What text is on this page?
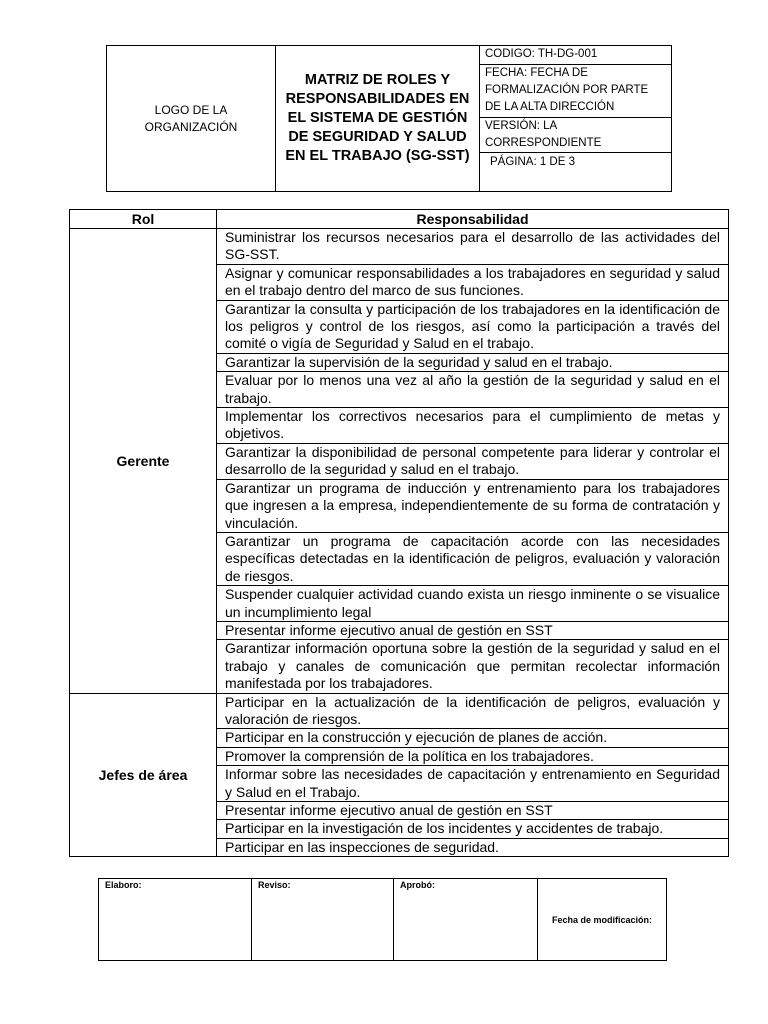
LOGO DE LA ORGANIZACIÓN	MATRIZ DE ROLES Y RESPONSABILIDADES EN EL SISTEMA DE GESTIÓN DE SEGURIDAD Y SALUD EN EL TRABAJO (SG-SST)	CODIGO: TH-DG-001
FECHA: FECHA DE FORMALIZACIÓN POR PARTE DE LA ALTA DIRECCIÓN
VERSIÓN: LA CORRESPONDIENTE
PÁGINA: 1 DE 3
Rol	Responsabilidad
Gerente	Suministrar los recursos necesarios para el desarrollo de las actividades del SG-SST.
	Asignar y comunicar responsabilidades a los trabajadores en seguridad y salud en el trabajo dentro del marco de sus funciones.
	Garantizar la consulta y participación de los trabajadores en la identificación de los peligros y control de los riesgos, así como la participación a través del comité o vigía de Seguridad y Salud en el trabajo.
	Garantizar la supervisión de la seguridad y salud en el trabajo.
	Evaluar por lo menos una vez al año la gestión de la seguridad y salud en el trabajo.
	Implementar los correctivos necesarios para el cumplimiento de metas y objetivos.
	Garantizar la disponibilidad de personal competente para liderar y controlar el desarrollo de la seguridad y salud en el trabajo.
	Garantizar un programa de inducción y entrenamiento para los trabajadores que ingresen a la empresa, independientemente de su forma de contratación y vinculación.
	Garantizar un programa de capacitación acorde con las necesidades específicas detectadas en la identificación de peligros, evaluación y valoración de riesgos.
	Suspender cualquier actividad cuando exista un riesgo inminente o se visualice un incumplimiento legal
	Presentar informe ejecutivo anual de gestión en SST
	Garantizar información oportuna sobre la gestión de la seguridad y salud en el trabajo y canales de comunicación que permitan recolectar información manifestada por los trabajadores.
Jefes de área	Participar en la actualización de la identificación de peligros, evaluación y valoración de riesgos.
	Participar en la construcción y ejecución de planes de acción.
	Promover la comprensión de la política en los trabajadores.
	Informar sobre las necesidades de capacitación y entrenamiento en Seguridad y Salud en el Trabajo.
	Presentar informe ejecutivo anual de gestión en SST
	Participar en la investigación de los incidentes y accidentes de trabajo.
	Participar en las inspecciones de seguridad.
Elaboro:	Reviso:	Aprobó:	Fecha de modificación:
